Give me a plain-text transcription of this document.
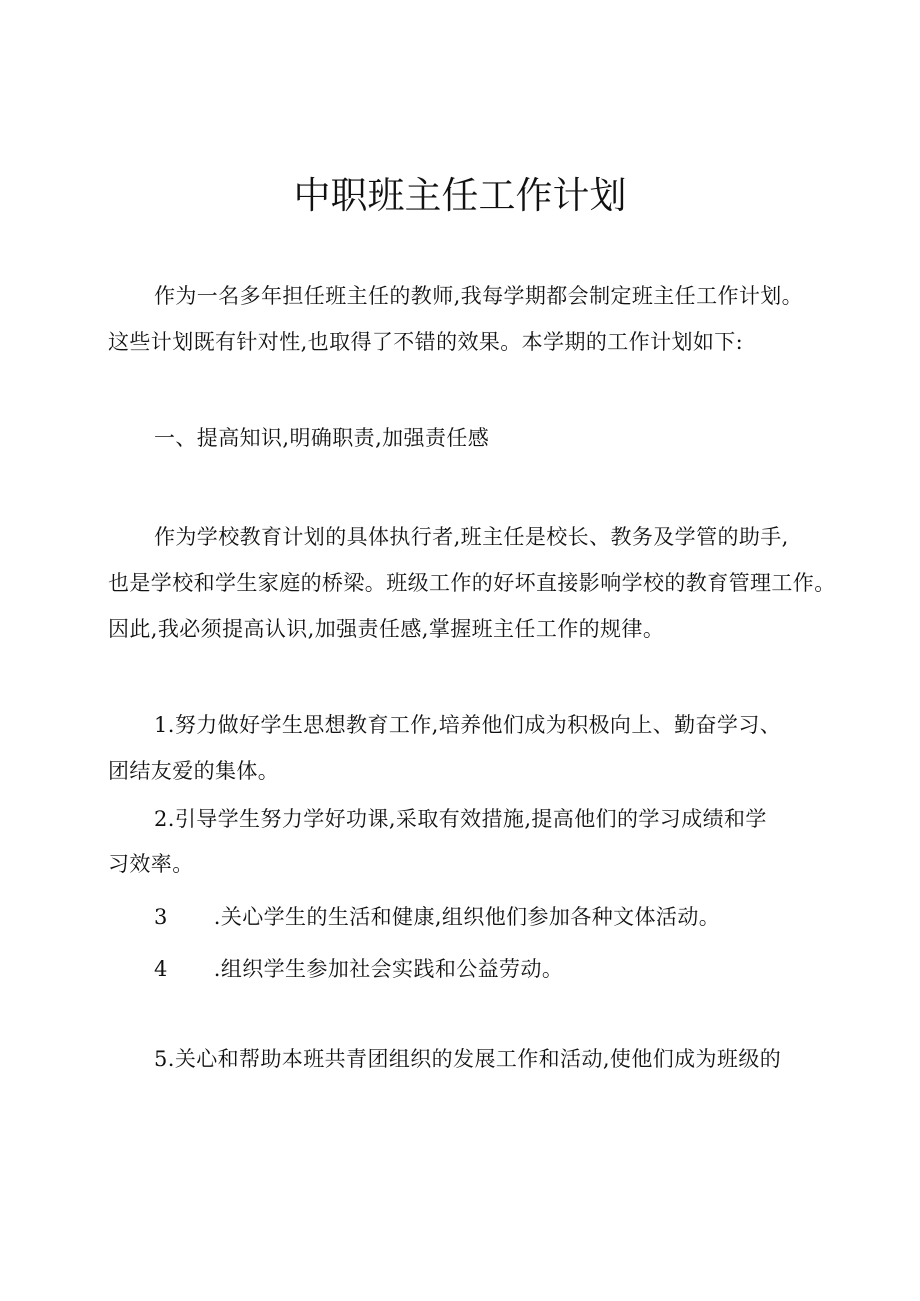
中职班主任工作计划

作为一名多年担任班主任的教师,我每学期都会制定班主任工作计划。

这些计划既有针对性,也取得了不错的效果。本学期的工作计划如下:

一、提高知识,明确职责,加强责任感

作为学校教育计划的具体执行者,班主任是校长、教务及学管的助手,

也是学校和学生家庭的桥梁。班级工作的好坏直接影响学校的教育管理工作。

因此,我必须提高认识,加强责任感,掌握班主任工作的规律。

1.努力做好学生思想教育工作,培养他们成为积极向上、勤奋学习、

团结友爱的集体。

2.引导学生努力学好功课,采取有效措施,提高他们的学习成绩和学

习效率。

3 .关心学生的生活和健康,组织他们参加各种文体活动。

4 .组织学生参加社会实践和公益劳动。

5.关心和帮助本班共青团组织的发展工作和活动,使他们成为班级的
